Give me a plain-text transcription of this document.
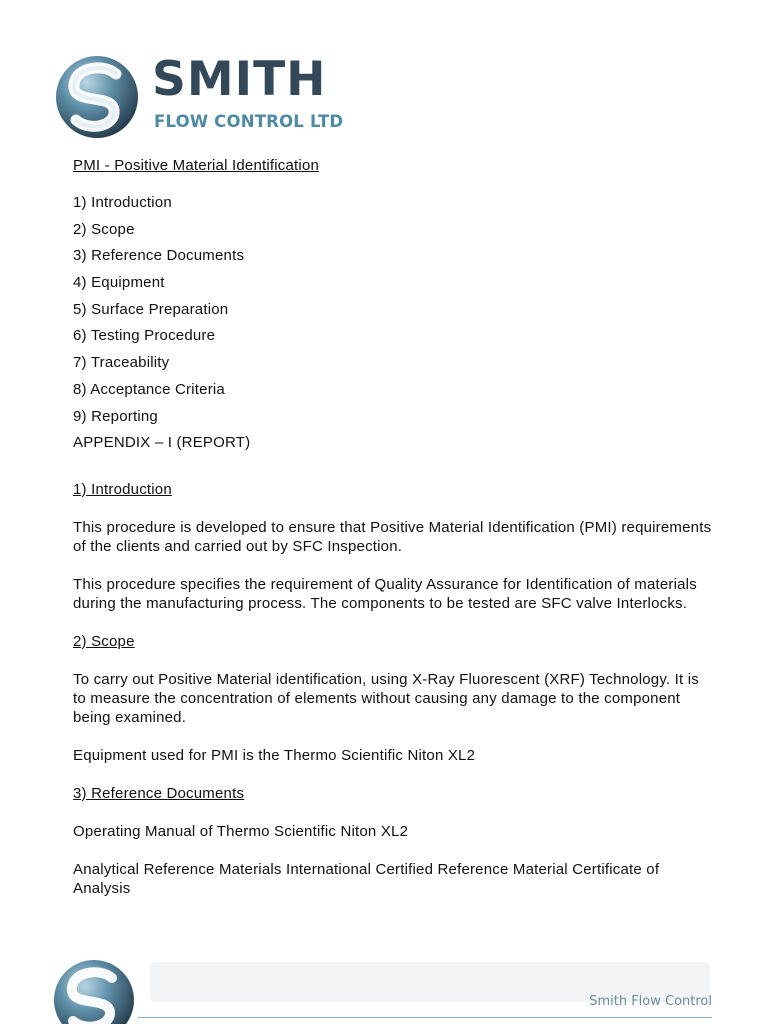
SMITH
FLOW CONTROL LTD
PMI - Positive Material Identification
1) Introduction
2) Scope
3) Reference Documents
4) Equipment
5) Surface Preparation
6) Testing Procedure
7) Traceability
8) Acceptance Criteria
9) Reporting
APPENDIX – I (REPORT)
1) Introduction

This procedure is developed to ensure that Positive Material Identification (PMI) requirements of the clients and carried out by SFC Inspection.

This procedure specifies the requirement of Quality Assurance for Identification of materials during the manufacturing process. The components to be tested are SFC valve Interlocks.

2) Scope

To carry out Positive Material identification, using X-Ray Fluorescent (XRF) Technology. It is to measure the concentration of elements without causing any damage to the component being examined.

Equipment used for PMI is the Thermo Scientific Niton XL2

3) Reference Documents

Operating Manual of Thermo Scientific Niton XL2

Analytical Reference Materials International Certified Reference Material Certificate of Analysis

Smith Flow Control
